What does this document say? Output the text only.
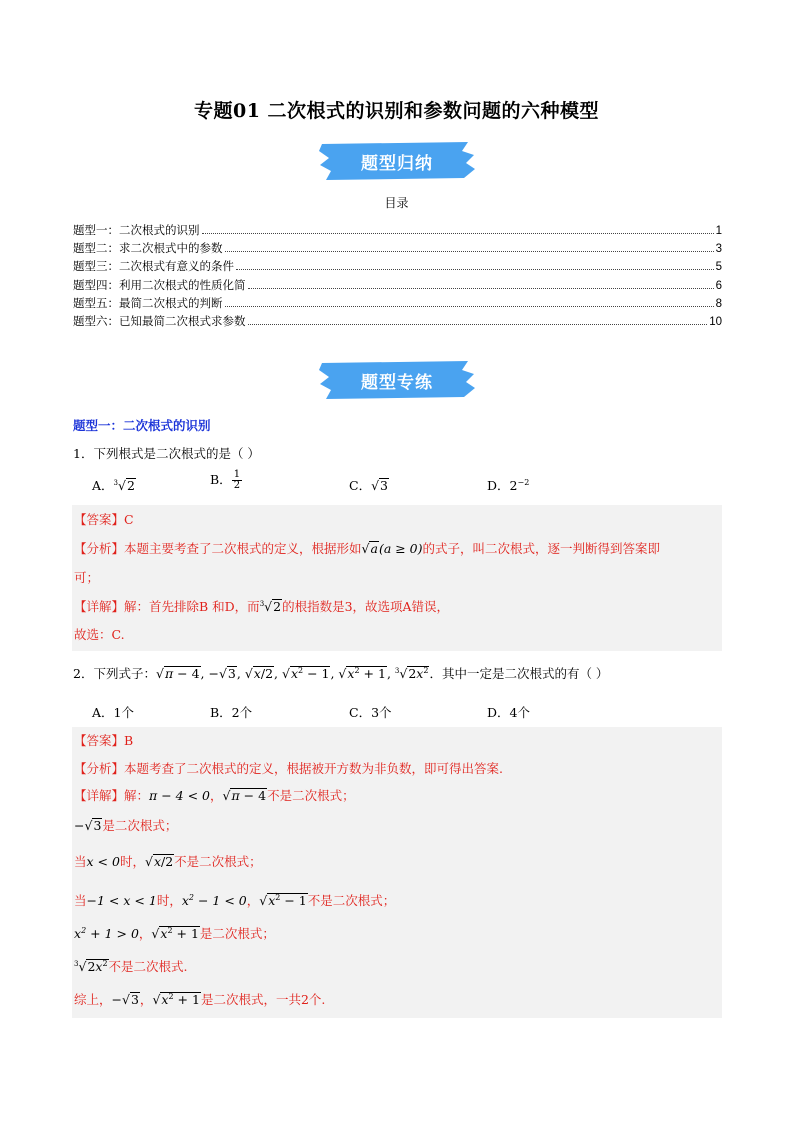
专题01 二次根式的识别和参数问题的六种模型
题型归纳
目录
题型一：二次根式的识别	1
题型二：求二次根式中的参数	3
题型三：二次根式有意义的条件	5
题型四：利用二次根式的性质化简	6
题型五：最简二次根式的判断	8
题型六：已知最简二次根式求参数	10
题型专练
题型一：二次根式的识别
1．下列根式是二次根式的是（ ）
A．$^3$√2	B． $\frac{1}{2}$	C．√3	D．$2^{-2}$
【答案】C
【分析】本题主要考查了二次根式的定义，根据形如√a(a ≥ 0)的式子，叫二次根式，逐一判断得到答案即
可；
【详解】解：首先排除B 和D，而$^3$√2的根指数是3，故选项A错误，
故选：C.
2．下列式子：√π − 4, −√3, √x/2, $√x^2 - 1$, $√x^2 + 1$, $^3√2x^2$．其中一定是二次根式的有（ ）
A．1个	B．2个	C．3个	D．4个
【答案】B
【分析】本题考查了二次根式的定义，根据被开方数为非负数，即可得出答案.
【详解】解：π − 4 < 0，√π − 4不是二次根式；
−√3是二次根式；
当x < 0时，√x/2不是二次根式；
当−1 < x < 1时，$x^2 - 1 < 0$，$√x^2 - 1$不是二次根式；
$x^2 + 1 > 0$，$√x^2 + 1$是二次根式；
$^3√2x^2$不是二次根式.
综上，−√3，$√x^2 + 1$是二次根式，一共2个.
